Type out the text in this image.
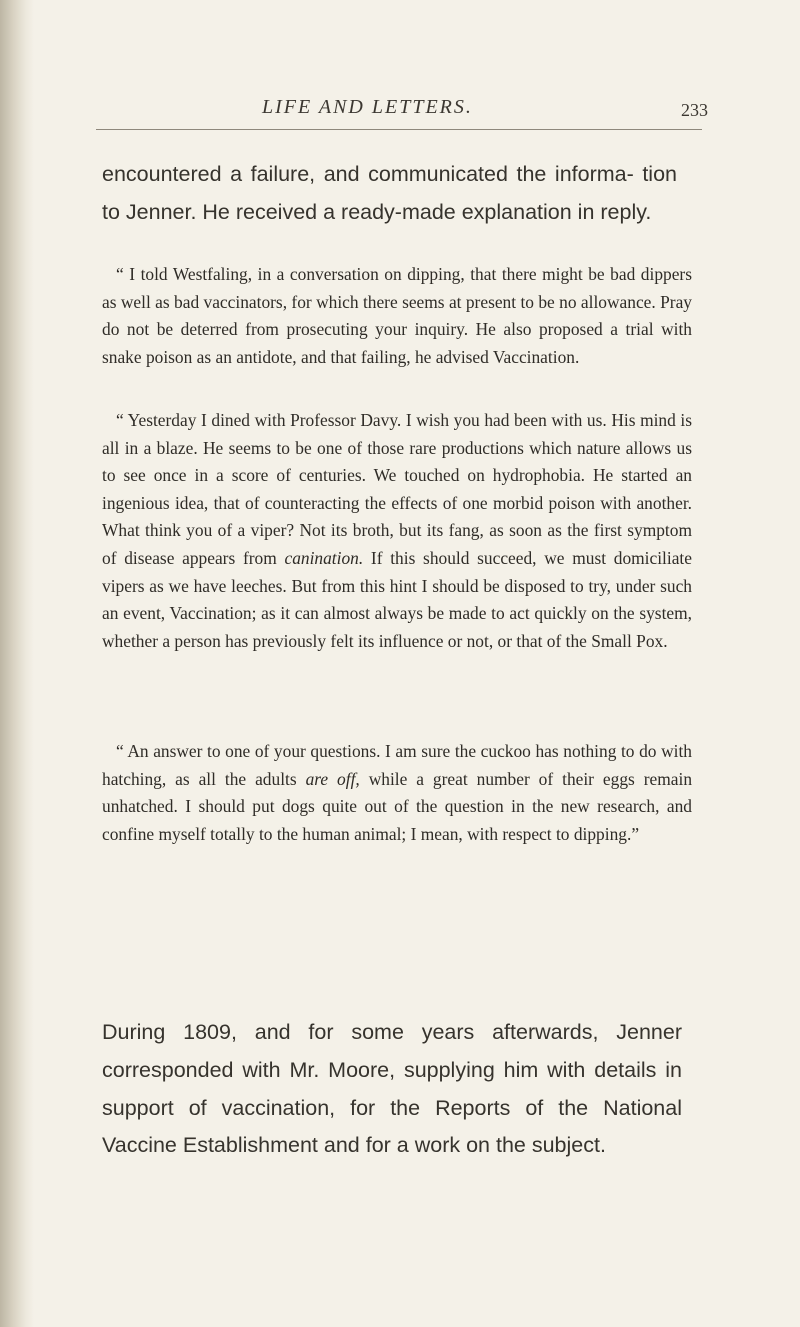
LIFE AND LETTERS.	233

encountered a failure, and communicated the informa- tion to Jenner. He received a ready-made explanation in reply.

“ I told Westfaling, in a conversation on dipping, that there might be bad dippers as well as bad vaccinators, for which there seems at present to be no allowance. Pray do not be deterred from prosecuting your inquiry. He also proposed a trial with snake poison as an antidote, and that failing, he advised Vaccination.

“ Yesterday I dined with Professor Davy. I wish you had been with us. His mind is all in a blaze. He seems to be one of those rare productions which nature allows us to see once in a score of centuries. We touched on hydrophobia. He started an ingenious idea, that of counteracting the effects of one morbid poison with another. What think you of a viper? Not its broth, but its fang, as soon as the first symptom of disease appears from canination. If this should succeed, we must domiciliate vipers as we have leeches. But from this hint I should be disposed to try, under such an event, Vaccination; as it can almost always be made to act quickly on the system, whether a person has previously felt its influence or not, or that of the Small Pox.

“ An answer to one of your questions. I am sure the cuckoo has nothing to do with hatching, as all the adults are off, while a great number of their eggs remain unhatched. I should put dogs quite out of the question in the new research, and confine myself totally to the human animal; I mean, with respect to dipping.”

During 1809, and for some years afterwards, Jenner corresponded with Mr. Moore, supplying him with details in support of vaccination, for the Reports of the National Vaccine Establishment and for a work on the subject.
